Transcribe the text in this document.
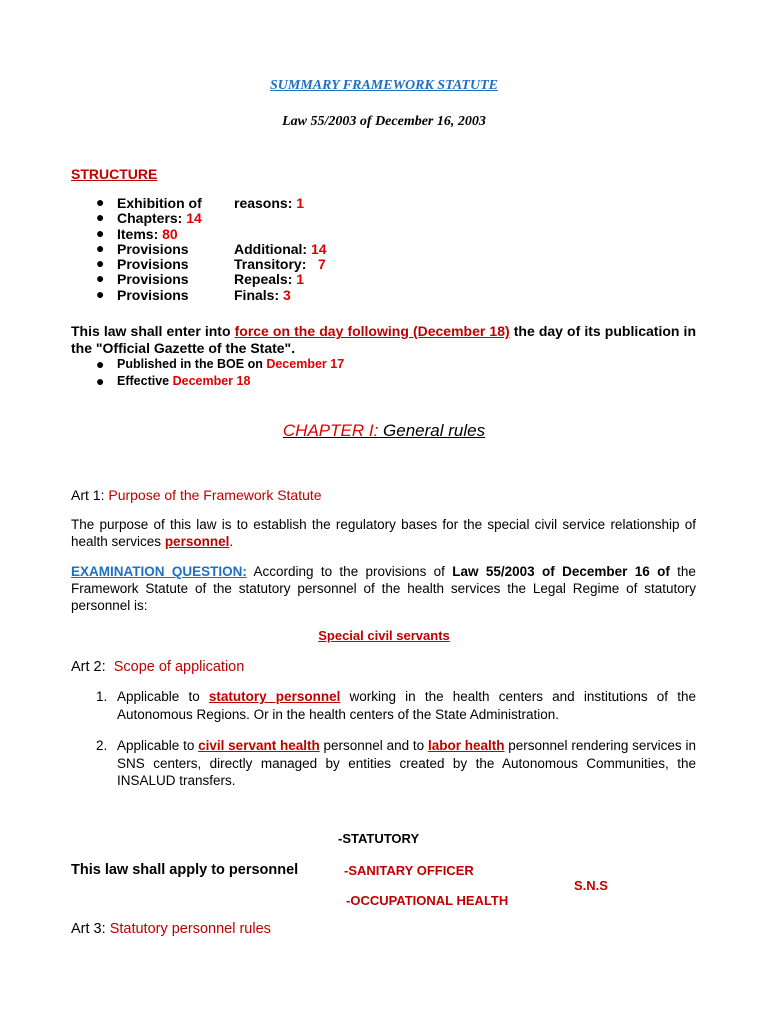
SUMMARY FRAMEWORK STATUTE
Law 55/2003 of December 16, 2003
STRUCTURE
● Exhibition of reasons: 1
● Chapters: 14
● Items: 80
● Provisions	Additional: 14
● Provisions	Transitory: 7
● Provisions	Repeals: 1
● Provisions	Finals: 3
This law shall enter into force on the day following (December 18) the day of its publication in the "Official Gazette of the State".
● Published in the BOE on December 17
● Effective December 18
CHAPTER I: General rules
Art 1: Purpose of the Framework Statute
The purpose of this law is to establish the regulatory bases for the special civil service relationship of health services personnel.
EXAMINATION QUESTION: According to the provisions of Law 55/2003 of December 16 of the Framework Statute of the statutory personnel of the health services the Legal Regime of statutory personnel is:
Special civil servants
Art 2: Scope of application
1. Applicable to statutory personnel working in the health centers and institutions of the Autonomous Regions. Or in the health centers of the State Administration.
2. Applicable to civil servant health personnel and to labor health personnel rendering services in SNS centers, directly managed by entities created by the Autonomous Communities, the INSALUD transfers.
-STATUTORY
This law shall apply to personnel	-SANITARY OFFICER
S.N.S
-OCCUPATIONAL HEALTH
Art 3: Statutory personnel rules
